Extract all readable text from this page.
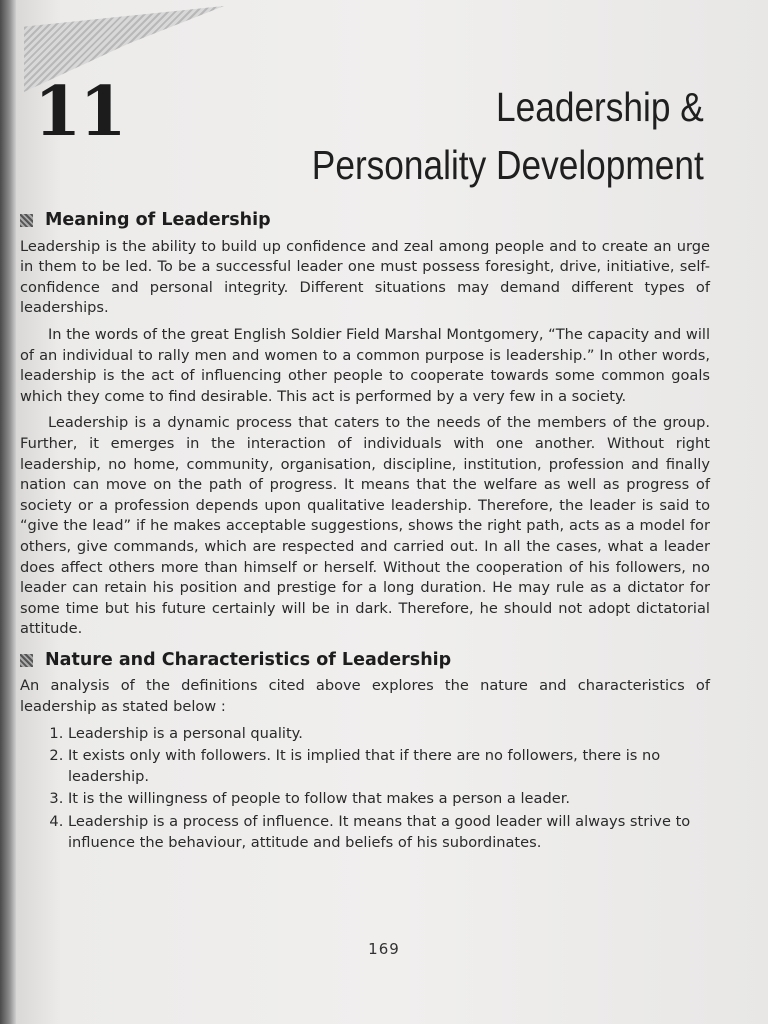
11	Leadership &
Personality Development
Meaning of Leadership

Leadership is the ability to build up confidence and zeal among people and to create an urge in them to be led. To be a successful leader one must possess foresight, drive, initiative, self-confidence and personal integrity. Different situations may demand different types of leaderships.

In the words of the great English Soldier Field Marshal Montgomery, “The capacity and will of an individual to rally men and women to a common purpose is leadership.” In other words, leadership is the act of influencing other people to cooperate towards some common goals which they come to find desirable. This act is performed by a very few in a society.

Leadership is a dynamic process that caters to the needs of the members of the group. Further, it emerges in the interaction of individuals with one another. Without right leadership, no home, community, organisation, discipline, institution, profession and finally nation can move on the path of progress. It means that the welfare as well as progress of society or a profession depends upon qualitative leadership. Therefore, the leader is said to “give the lead” if he makes acceptable suggestions, shows the right path, acts as a model for others, give commands, which are respected and carried out. In all the cases, what a leader does affect others more than himself or herself. Without the cooperation of his followers, no leader can retain his position and prestige for a long duration. He may rule as a dictator for some time but his future certainly will be in dark. Therefore, he should not adopt dictatorial attitude.

Nature and Characteristics of Leadership

An analysis of the definitions cited above explores the nature and characteristics of leadership as stated below :

1. Leadership is a personal quality.
2. It exists only with followers. It is implied that if there are no followers, there is no leadership.
3. It is the willingness of people to follow that makes a person a leader.
4. Leadership is a process of influence. It means that a good leader will always strive to influence the behaviour, attitude and beliefs of his subordinates.
169
